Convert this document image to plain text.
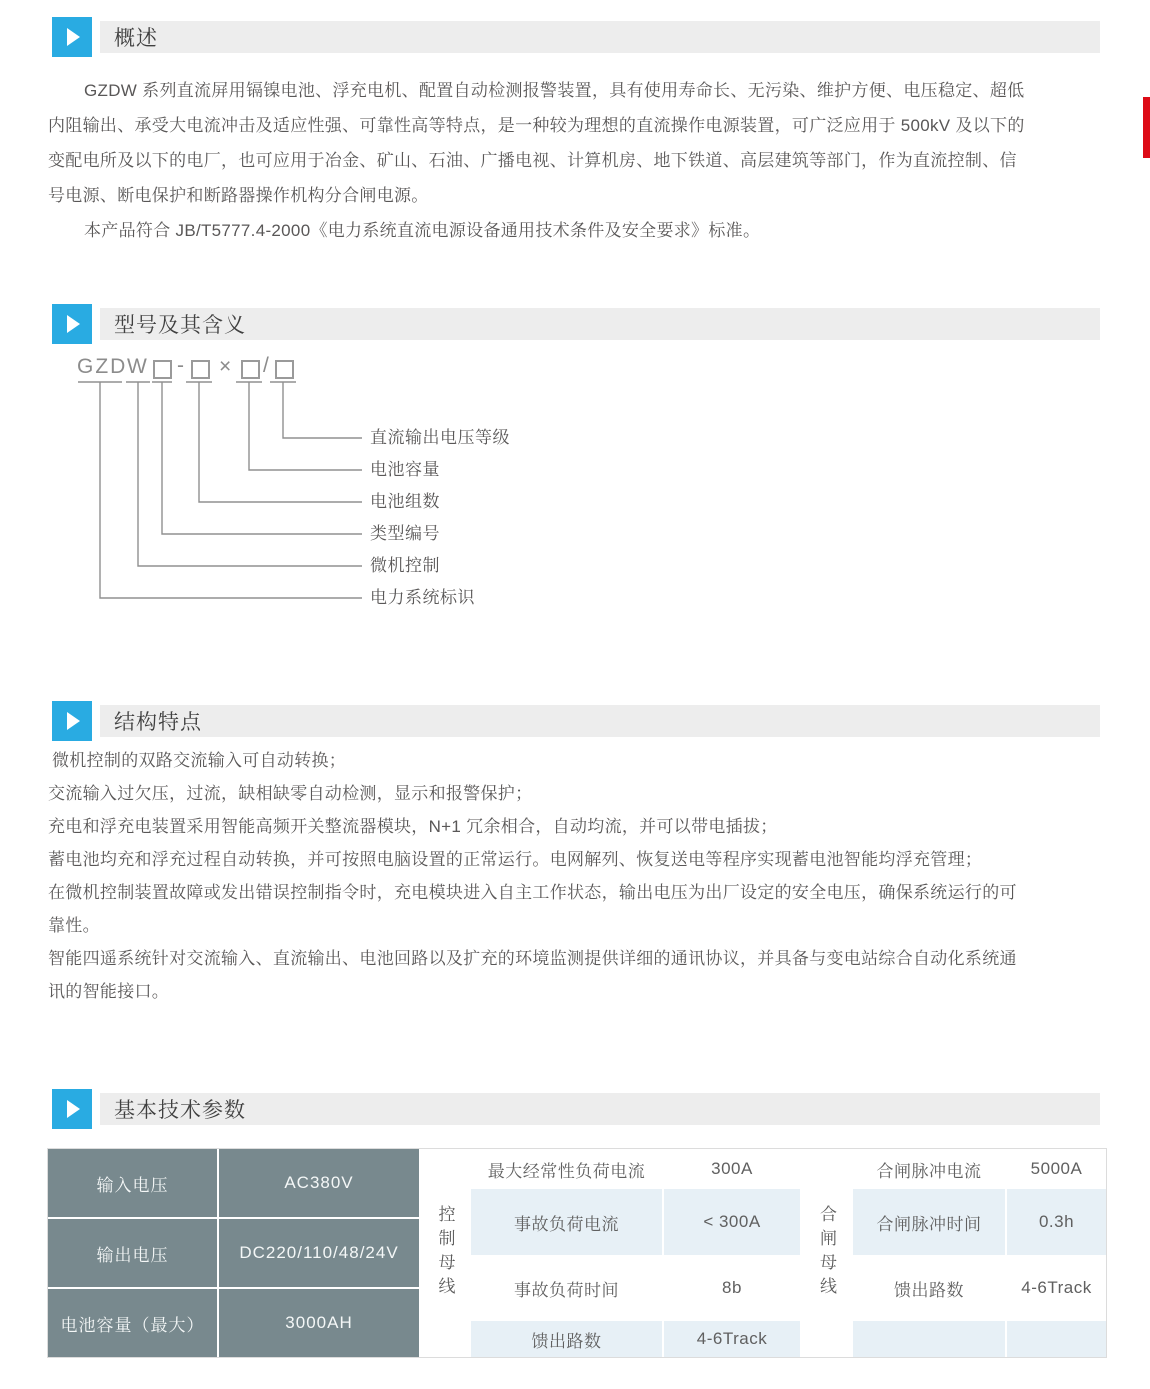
概述
GZDW 系列直流屏用镉镍电池、浮充电机、配置自动检测报警装置，具有使用寿命长、无污染、维护方便、电压稳定、超低
内阻输出、承受大电流冲击及适应性强、可靠性高等特点，是一种较为理想的直流操作电源装置，可广泛应用于 500kV 及以下的
变配电所及以下的电厂，也可应用于冶金、矿山、石油、广播电视、计算机房、地下铁道、高层建筑等部门，作为直流控制、信
号电源、断电保护和断路器操作机构分合闸电源。
本产品符合 JB/T5777.4-2000《电力系统直流电源设备通用技术条件及安全要求》标准。
型号及其含义
GZD W - × /
直流输出电压等级
电池容量
电池组数
类型编号
微机控制
电力系统标识
结构特点
微机控制的双路交流输入可自动转换；
交流输入过欠压，过流，缺相缺零自动检测，显示和报警保护；
充电和浮充电装置采用智能高频开关整流器模块，N+1 冗余相合，自动均流，并可以带电插拔；
蓄电池均充和浮充过程自动转换，并可按照电脑设置的正常运行。电网解列、恢复送电等程序实现蓄电池智能均浮充管理；
在微机控制装置故障或发出错误控制指令时，充电模块进入自主工作状态，输出电压为出厂设定的安全电压，确保系统运行的可
靠性。
智能四遥系统针对交流输入、直流输出、电池回路以及扩充的环境监测提供详细的通讯协议，并具备与变电站综合自动化系统通
讯的智能接口。
基本技术参数
输入电压	AC380V
输出电压	DC220/110/48/24V
电池容量（最大）	3000AH
控制母线
最大经常性负荷电流	300A
事故负荷电流	< 300A
事故负荷时间	8b
馈出路数	4-6Track
合闸母线
合闸脉冲电流	5000A
合闸脉冲时间	0.3h
馈出路数	4-6Track
